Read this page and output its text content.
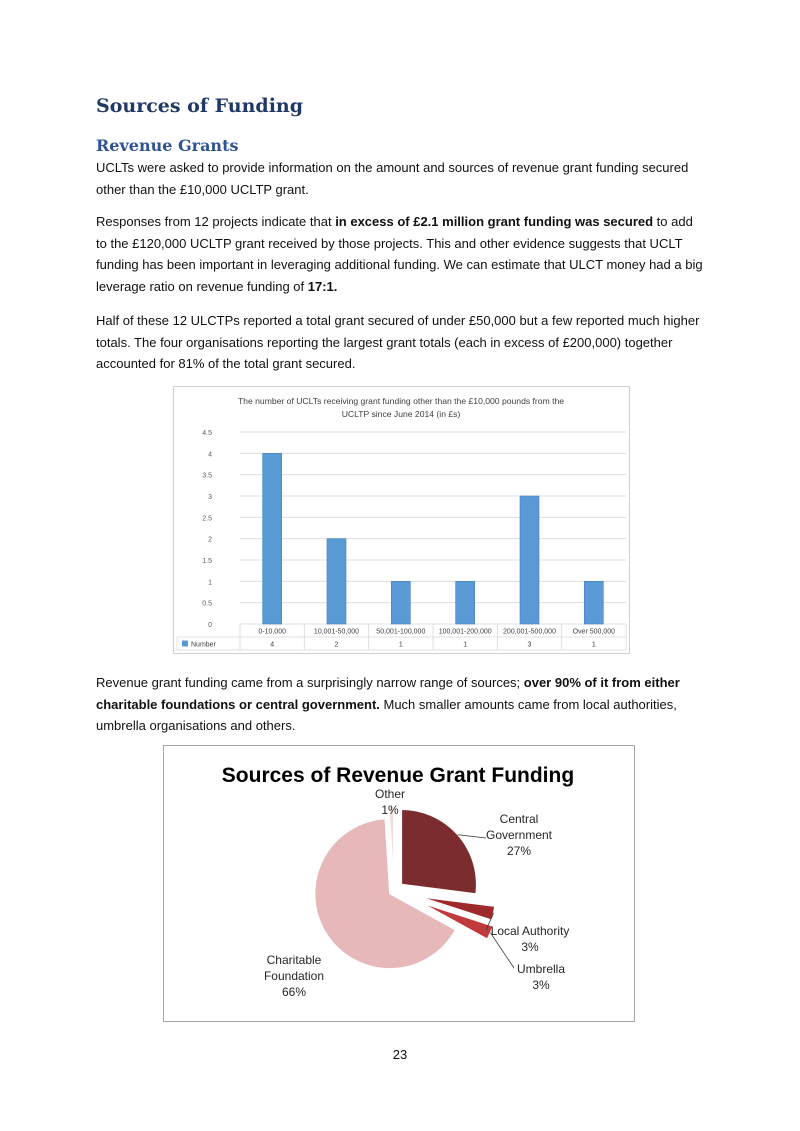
Sources of Funding
Revenue Grants

UCLTs were asked to provide information on the amount and sources of revenue grant funding secured other than the £10,000 UCLTP grant.

Responses from 12 projects indicate that in excess of £2.1 million grant funding was secured to add to the £120,000 UCLTP grant received by those projects. This and other evidence suggests that UCLT funding has been important in leveraging additional funding. We can estimate that ULCT money had a big leverage ratio on revenue funding of 17:1.

Half of these 12 ULCTPs reported a total grant secured of under £50,000 but a few reported much higher totals. The four organisations reporting the largest grant totals (each in excess of £200,000) together accounted for 81% of the total grant secured.

The number of UCLTs receiving grant funding other than the £10,000 pounds from the
UCLTP since June 2014 (in £s)
0
0.5
1
1.5
2
2.5
3
3.5
4
4.5
0-10,000
4
10,001-50,000
2
50,001-100,000
1
100,001-200,000
1
200,001-500,000
3
Over 500,000
1
Number

Revenue grant funding came from a surprisingly narrow range of sources; over 90% of it from either charitable foundations or central government. Much smaller amounts came from local authorities, umbrella organisations and others.

Sources of Revenue Grant Funding
Central Government 27%
Local Authority 3%
Umbrella 3%
Charitable Foundation 66%
Other 1%
23
